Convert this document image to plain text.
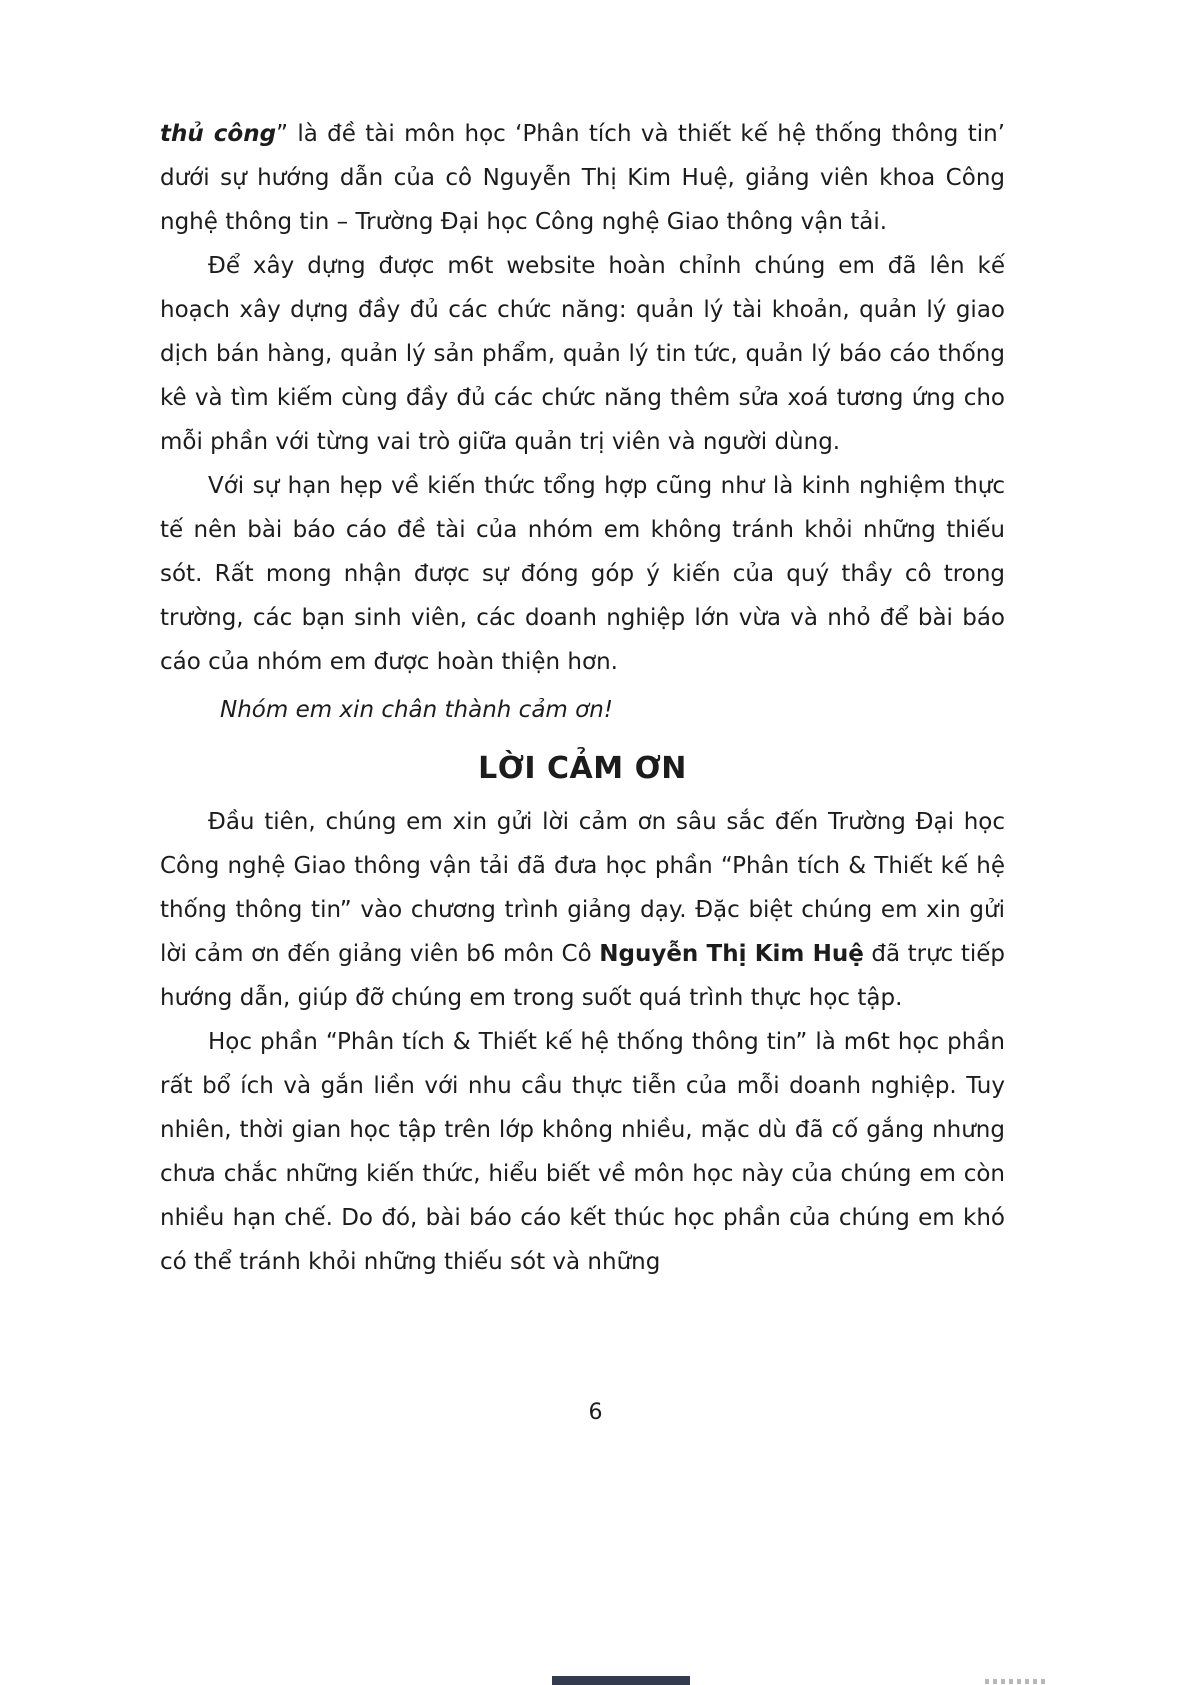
thủ công” là đề tài môn học ‘Phân tích và thiết kế hệ thống thông tin’ dưới sự hướng dẫn của cô Nguyễn Thị Kim Huệ, giảng viên khoa Công nghệ thông tin – Trường Đại học Công nghệ Giao thông vận tải.

Để xây dựng được m6t website hoàn chỉnh chúng em đã lên kế hoạch xây dựng đầy đủ các chức năng: quản lý tài khoản, quản lý giao dịch bán hàng, quản lý sản phẩm, quản lý tin tức, quản lý báo cáo thống kê và tìm kiếm cùng đầy đủ các chức năng thêm sửa xoá tương ứng cho mỗi phần với từng vai trò giữa quản trị viên và người dùng.

Với sự hạn hẹp về kiến thức tổng hợp cũng như là kinh nghiệm thực tế nên bài báo cáo đề tài của nhóm em không tránh khỏi những thiếu sót. Rất mong nhận được sự đóng góp ý kiến của quý thầy cô trong trường, các bạn sinh viên, các doanh nghiệp lớn vừa và nhỏ để bài báo cáo của nhóm em được hoàn thiện hơn.

Nhóm em xin chân thành cảm ơn!

LỜI CẢM ƠN

Đầu tiên, chúng em xin gửi lời cảm ơn sâu sắc đến Trường Đại học Công nghệ Giao thông vận tải đã đưa học phần “Phân tích & Thiết kế hệ thống thông tin” vào chương trình giảng dạy. Đặc biệt chúng em xin gửi lời cảm ơn đến giảng viên b6 môn Cô Nguyễn Thị Kim Huệ đã trực tiếp hướng dẫn, giúp đỡ chúng em trong suốt quá trình thực học tập.

Học phần “Phân tích & Thiết kế hệ thống thông tin” là m6t học phần rất bổ ích và gắn liền với nhu cầu thực tiễn của mỗi doanh nghiệp. Tuy nhiên, thời gian học tập trên lớp không nhiều, mặc dù đã cố gắng nhưng chưa chắc những kiến thức, hiểu biết về môn học này của chúng em còn nhiều hạn chế. Do đó, bài báo cáo kết thúc học phần của chúng em khó có thể tránh khỏi những thiếu sót và những

6
